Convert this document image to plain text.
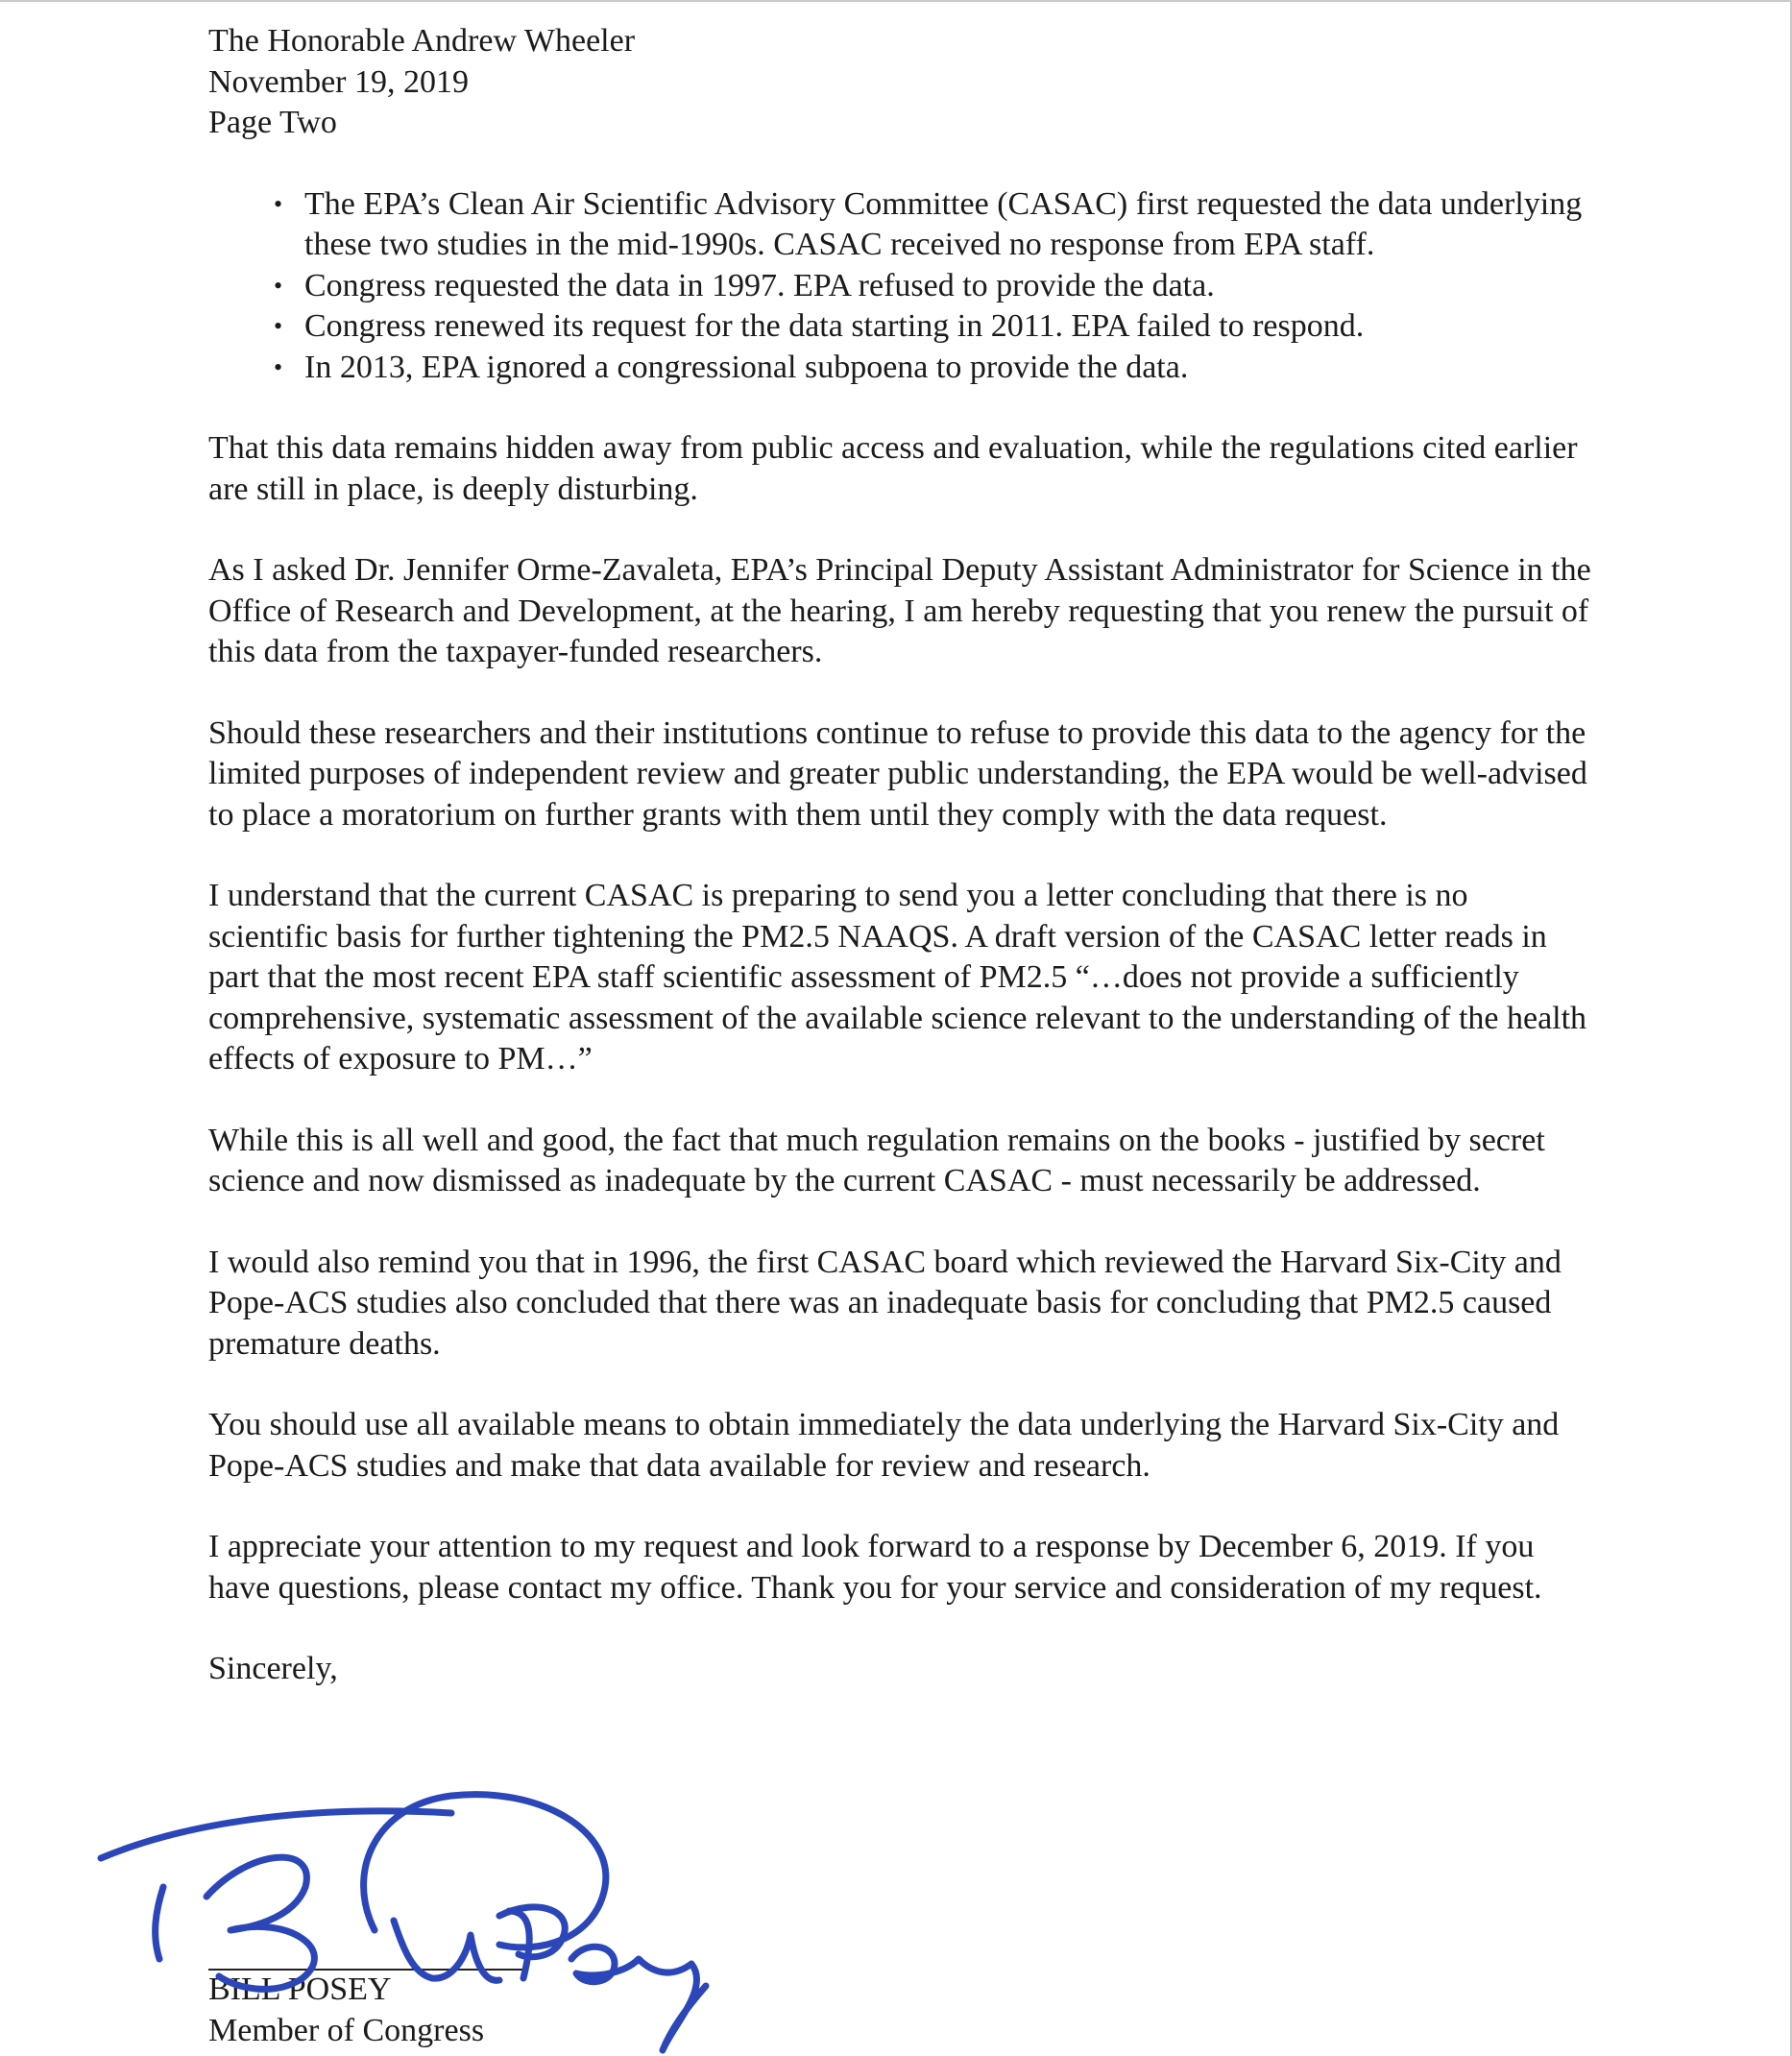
The Honorable Andrew Wheeler
November 19, 2019
Page Two
• The EPA’s Clean Air Scientific Advisory Committee (CASAC) first requested the data underlying these two studies in the mid-1990s. CASAC received no response from EPA staff.
• Congress requested the data in 1997. EPA refused to provide the data.
• Congress renewed its request for the data starting in 2011. EPA failed to respond.
• In 2013, EPA ignored a congressional subpoena to provide the data.

That this data remains hidden away from public access and evaluation, while the regulations cited earlier are still in place, is deeply disturbing.

As I asked Dr. Jennifer Orme-Zavaleta, EPA’s Principal Deputy Assistant Administrator for Science in the Office of Research and Development, at the hearing, I am hereby requesting that you renew the pursuit of this data from the taxpayer-funded researchers.

Should these researchers and their institutions continue to refuse to provide this data to the agency for the limited purposes of independent review and greater public understanding, the EPA would be well-advised to place a moratorium on further grants with them until they comply with the data request.

I understand that the current CASAC is preparing to send you a letter concluding that there is no scientific basis for further tightening the PM2.5 NAAQS. A draft version of the CASAC letter reads in part that the most recent EPA staff scientific assessment of PM2.5 “…does not provide a sufficiently comprehensive, systematic assessment of the available science relevant to the understanding of the health effects of exposure to PM…”

While this is all well and good, the fact that much regulation remains on the books - justified by secret science and now dismissed as inadequate by the current CASAC - must necessarily be addressed.

I would also remind you that in 1996, the first CASAC board which reviewed the Harvard Six-City and Pope-ACS studies also concluded that there was an inadequate basis for concluding that PM2.5 caused premature deaths.

You should use all available means to obtain immediately the data underlying the Harvard Six-City and Pope-ACS studies and make that data available for review and research.

I appreciate your attention to my request and look forward to a response by December 6, 2019. If you have questions, please contact my office. Thank you for your service and consideration of my request.

Sincerely,

BILL POSEY
Member of Congress
